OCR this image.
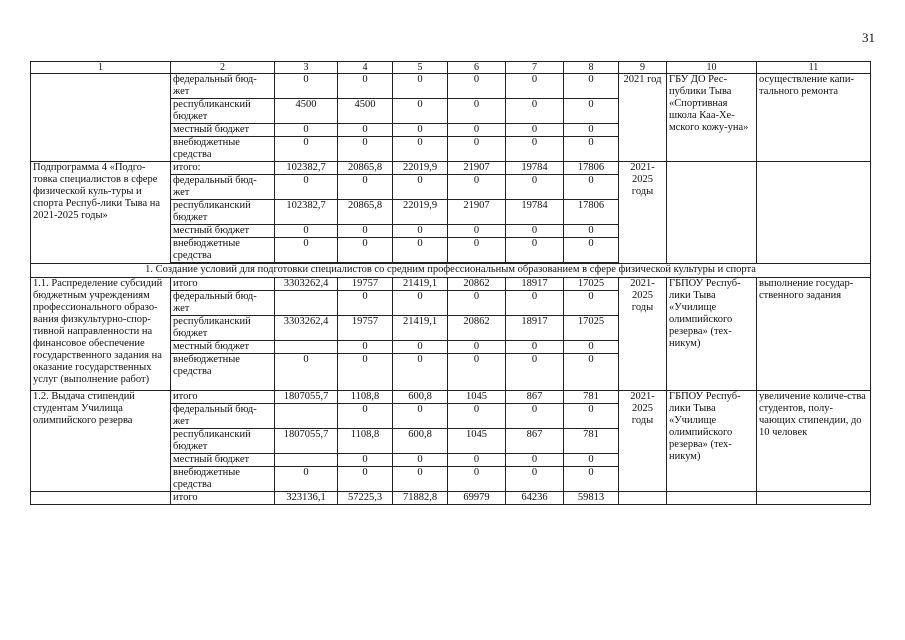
31
1	2	3	4	5	6	7	8	9	10	11
	федеральный бюд-жет	0	0	0	0	0	0	2021 год	ГБУ ДО Рес-публики Тыва «Спортивная школа Каа-Хе-мского кожу-уна»	осуществление капи-тального ремонта
	республиканский бюджет	4500	4500	0	0	0	0			
	местный бюджет	0	0	0	0	0	0			
	внебюджетные средства	0	0	0	0	0	0			
Подпрограмма 4 «Подго-товка специалистов в сфере физической куль-туры и спорта Респуб-лики Тыва на 2021-2025 годы»	итого:	102382,7	20865,8	22019,9	21907	19784	17806	2021-2025 годы		
	федеральный бюд-жет	0	0	0	0	0	0			
	республиканский бюджет	102382,7	20865,8	22019,9	21907	19784	17806			
	местный бюджет	0	0	0	0	0	0			
	внебюджетные средства	0	0	0	0	0	0			

1. Создание условий для подготовки специалистов со средним профессиональным образованием в сфере физической культуры и спорта										
1.1. Распределение субсидий бюджетным учреждениям профессионального образо-вания физкультурно-спор-тивной направленности на финансовое обеспечение государственного задания на оказание государственных услуг (выполнение работ)	итого	3303262,4	19757	21419,1	20862	18917	17025	2021-2025 годы	ГБПОУ Респуб-лики Тыва «Училище олимпийского резерва» (тех-никум)	выполнение государ-ственного задания
	федеральный бюд-жет		0	0	0	0	0			
	республиканский бюджет	3303262,4	19757	21419,1	20862	18917	17025			
	местный бюджет		0	0	0	0	0			
	внебюджетные средства	0	0	0	0	0	0			
1.2. Выдача стипендий студентам Училища олимпийского резерва	итого	1807055,7	1108,8	600,8	1045	867	781	2021-2025 годы	ГБПОУ Респуб-лики Тыва «Училище олимпийского резерва» (тех-никум)	увеличение количе-ства студентов, полу-чающих стипендии, до 10 человек
	федеральный бюд-жет		0	0	0	0	0			
	республиканский бюджет	1807055,7	1108,8	600,8	1045	867	781			
	местный бюджет		0	0	0	0	0			
	внебюджетные средства	0	0	0	0	0	0			
	итого	323136,1	57225,3	71882,8	69979	64236	59813			
